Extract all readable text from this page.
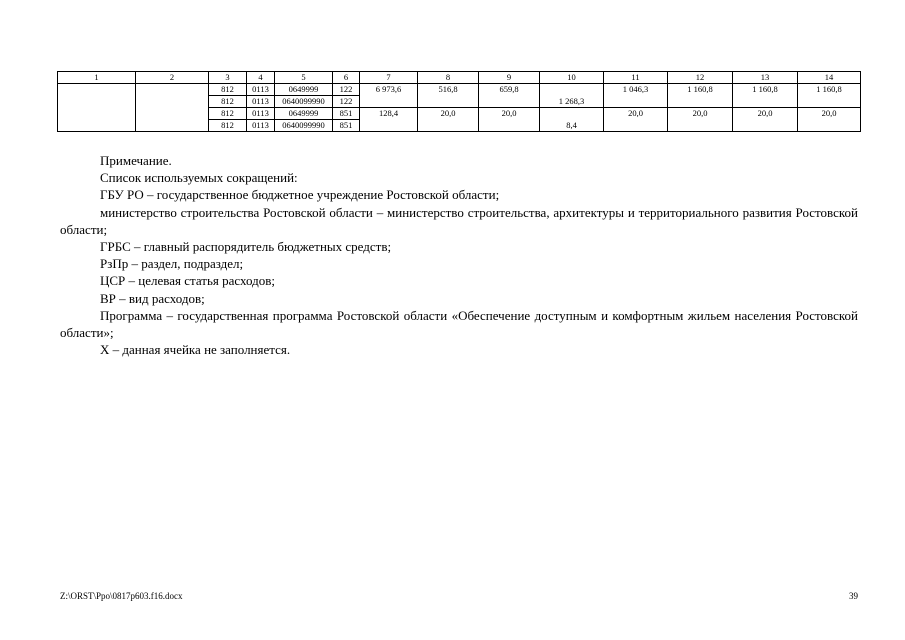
1	2	3	4	5	6	7	8	9	10	11	12	13	14
		812	0113	0649999	122	6 973,6	516,8	659,8		1 046,3	1 160,8	1 160,8	1 160,8
		812	0113	0640099990	122				1 268,3				
		812	0113	0649999	851	128,4	20,0	20,0		20,0	20,0	20,0	20,0
		812	0113	0640099990	851				8,4				

Примечание.

Список используемых сокращений:

ГБУ РО – государственное бюджетное учреждение Ростовской области;

министерство строительства Ростовской области – министерство строительства, архитектуры и территориального развития Ростовской области;

ГРБС – главный распорядитель бюджетных средств;

РзПр – раздел, подраздел;

ЦСР – целевая статья расходов;

ВР – вид расходов;

Программа – государственная программа Ростовской области «Обеспечение доступным и комфортным жильем населения Ростовской области»;

Х – данная ячейка не заполняется.

Z:\ORST\Ppo\0817p603.f16.docx	39
